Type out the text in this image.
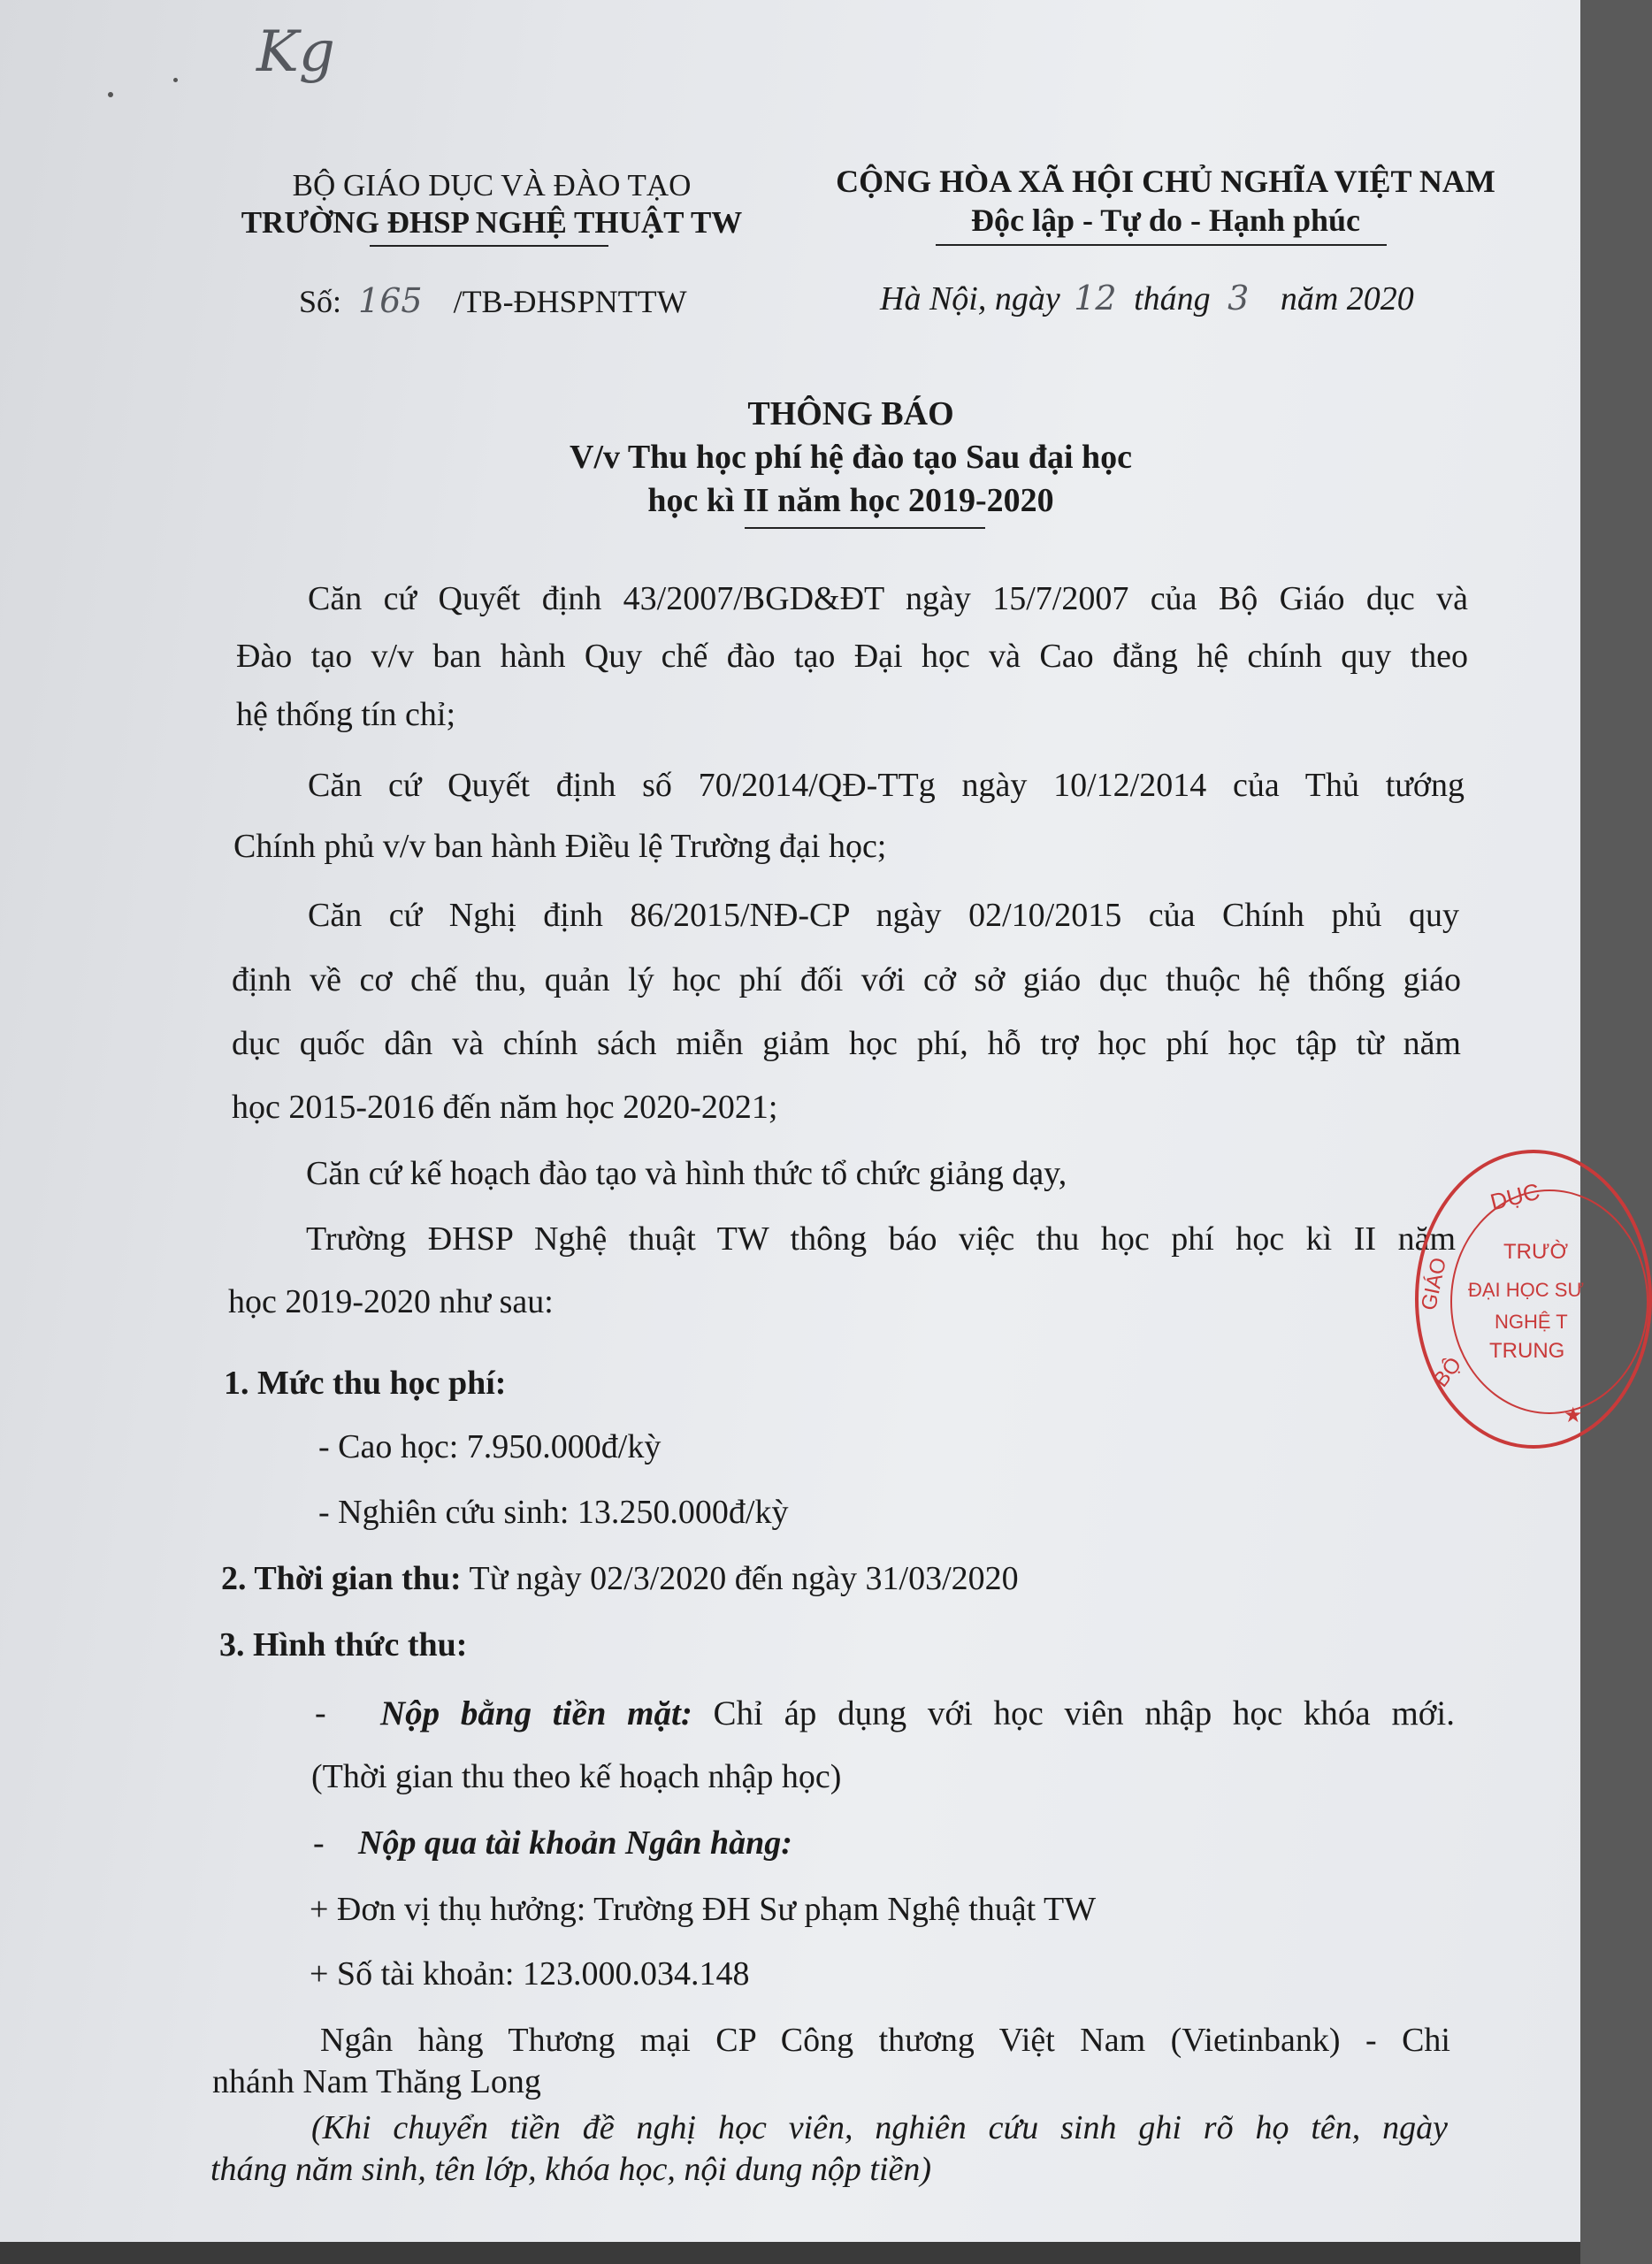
Kg
BỘ GIÁO DỤC VÀ ĐÀO TẠO
TRƯỜNG ĐHSP NGHỆ THUẬT TW
Số: 165 /TB-ĐHSPNTTW
CỘNG HÒA XÃ HỘI CHỦ NGHĨA VIỆT NAM
Độc lập - Tự do - Hạnh phúc
Hà Nội, ngày 12 tháng 3 năm 2020
THÔNG BÁO
V/v Thu học phí hệ đào tạo Sau đại học
học kì II năm học 2019-2020
Căn cứ Quyết định 43/2007/BGD&ĐT ngày 15/7/2007 của Bộ Giáo dục và
Đào tạo v/v ban hành Quy chế đào tạo Đại học và Cao đẳng hệ chính quy theo
hệ thống tín chỉ;
Căn cứ Quyết định số 70/2014/QĐ-TTg ngày 10/12/2014 của Thủ tướng
Chính phủ v/v ban hành Điều lệ Trường đại học;
Căn cứ Nghị định 86/2015/NĐ-CP ngày 02/10/2015 của Chính phủ quy
định về cơ chế thu, quản lý học phí đối với cở sở giáo dục thuộc hệ thống giáo
dục quốc dân và chính sách miễn giảm học phí, hỗ trợ học phí học tập từ năm
học 2015-2016 đến năm học 2020-2021;
Căn cứ kế hoạch đào tạo và hình thức tổ chức giảng dạy,
Trường ĐHSP Nghệ thuật TW thông báo việc thu học phí học kì II năm
học 2019-2020 như sau:
1. Mức thu học phí:
- Cao học: 7.950.000đ/kỳ
- Nghiên cứu sinh: 13.250.000đ/kỳ
2. Thời gian thu: Từ ngày 02/3/2020 đến ngày 31/03/2020
3. Hình thức thu:
- Nộp bằng tiền mặt: Chỉ áp dụng với học viên nhập học khóa mới.
(Thời gian thu theo kế hoạch nhập học)
- Nộp qua tài khoản Ngân hàng:
+ Đơn vị thụ hưởng: Trường ĐH Sư phạm Nghệ thuật TW
+ Số tài khoản: 123.000.034.148
Ngân hàng Thương mại CP Công thương Việt Nam (Vietinbank) - Chi
nhánh Nam Thăng Long
(Khi chuyển tiền đề nghị học viên, nghiên cứu sinh ghi rõ họ tên, ngày
tháng năm sinh, tên lớp, khóa học, nội dung nộp tiền)
DỤC
GIÁO
BỘ
TRƯỜ
ĐẠI HỌC SƯ
NGHỆ T
TRUNG
★
